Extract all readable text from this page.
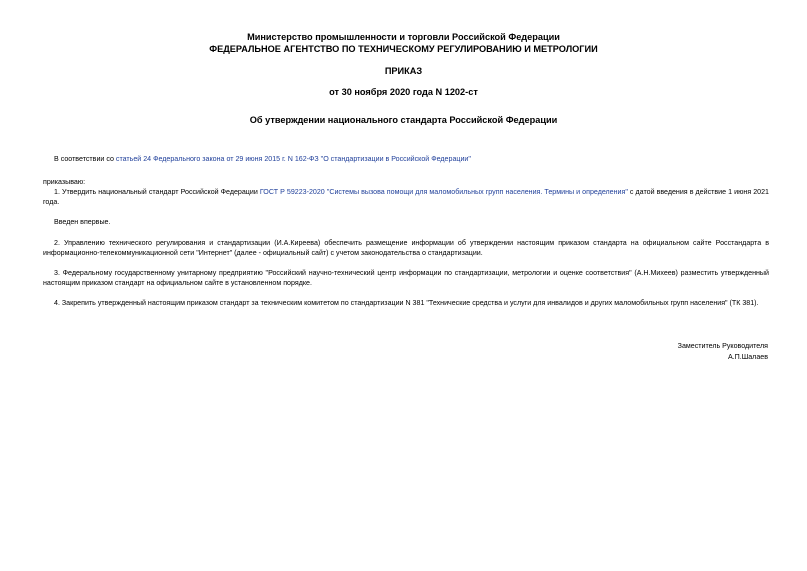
Министерство промышленности и торговли Российской Федерации
ФЕДЕРАЛЬНОЕ АГЕНТСТВО ПО ТЕХНИЧЕСКОМУ РЕГУЛИРОВАНИЮ И МЕТРОЛОГИИ
ПРИКАЗ
от 30 ноября 2020 года N 1202-ст
Об утверждении национального стандарта Российской Федерации
В соответствии со статьей 24 Федерального закона от 29 июня 2015 г. N 162-ФЗ "О стандартизации в Российской Федерации"
приказываю:
1. Утвердить национальный стандарт Российской Федерации ГОСТ Р 59223-2020 "Системы вызова помощи для маломобильных групп населения. Термины и определения" с датой введения в действие 1 июня 2021 года.
Введен впервые.
2. Управлению технического регулирования и стандартизации (И.А.Киреева) обеспечить размещение информации об утверждении настоящим приказом стандарта на официальном сайте Росстандарта в информационно-телекоммуникационной сети "Интернет" (далее - официальный сайт) с учетом законодательства о стандартизации.
3. Федеральному государственному унитарному предприятию "Российский научно-технический центр информации по стандартизации, метрологии и оценке соответствия" (А.Н.Михеев) разместить утвержденный настоящим приказом стандарт на официальном сайте в установленном порядке.
4. Закрепить утвержденный настоящим приказом стандарт за техническим комитетом по стандартизации N 381 "Технические средства и услуги для инвалидов и других маломобильных групп населения" (ТК 381).
Заместитель Руководителя
А.П.Шалаев
